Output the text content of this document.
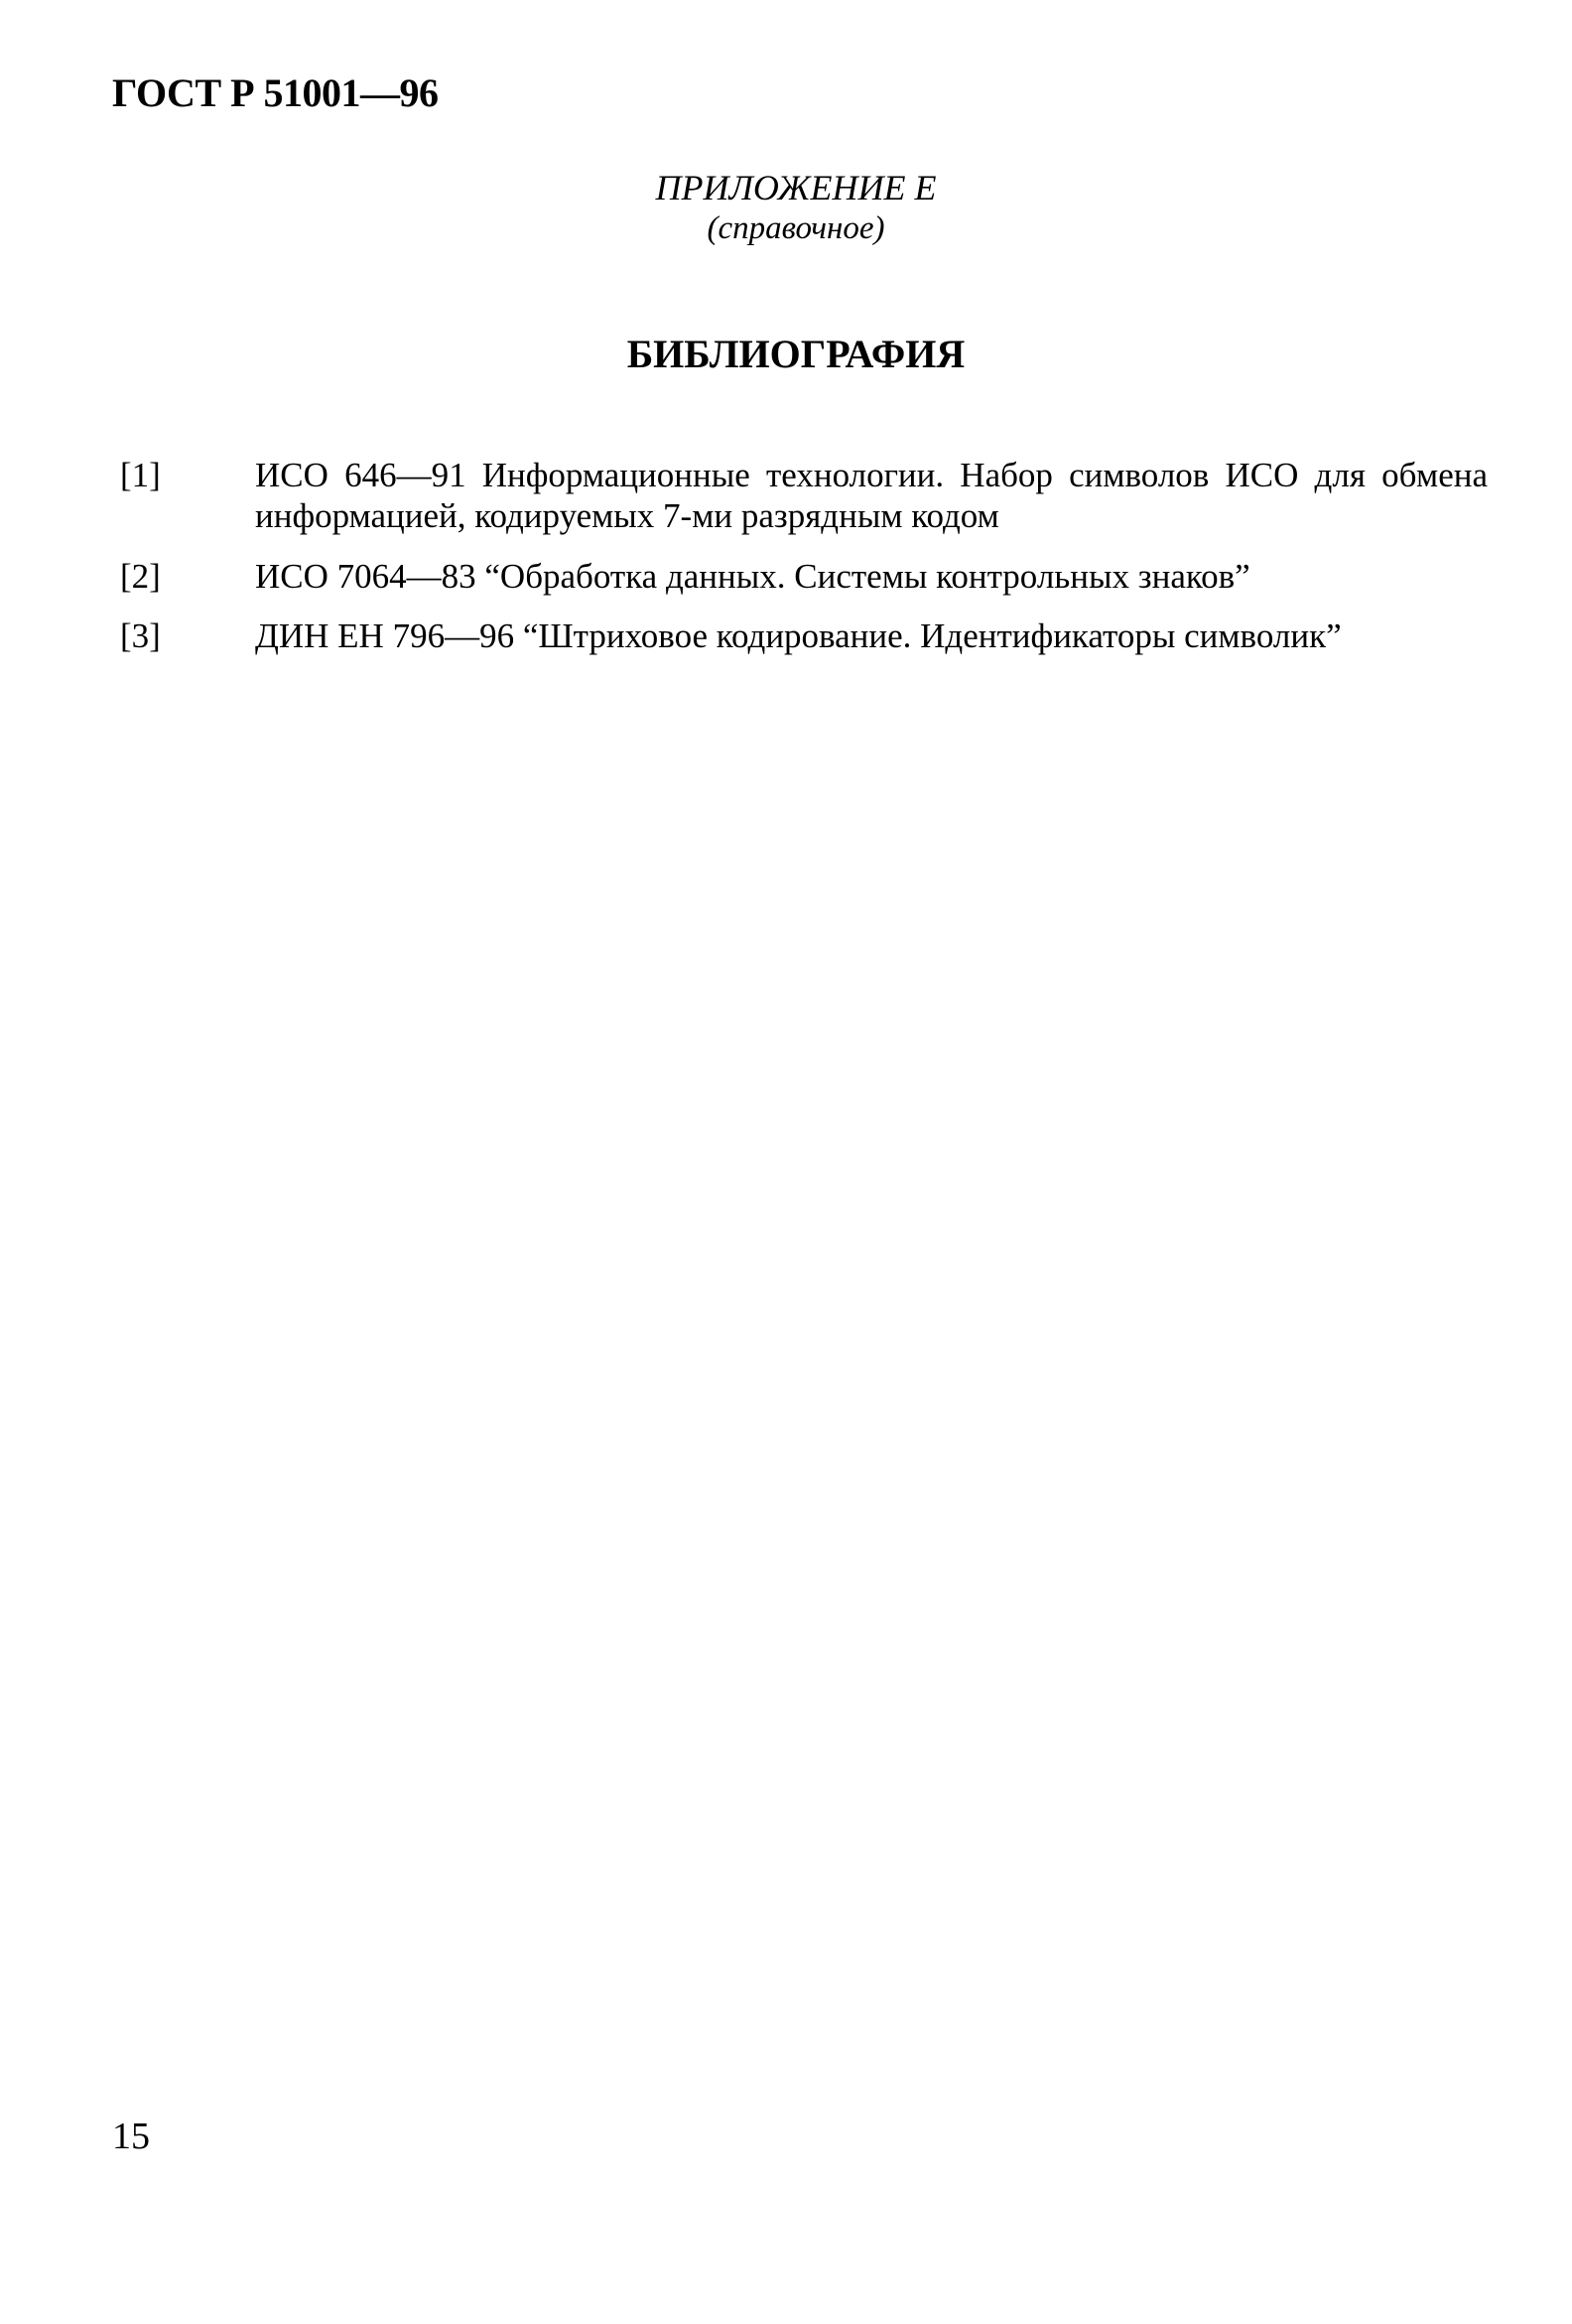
ГОСТ Р 51001—96
ПРИЛОЖЕНИЕ Е
(справочное)
БИБЛИОГРАФИЯ
[1]	ИСО 646—91 Информационные технологии. Набор символов ИСО для обмена информацией, кодируемых 7-ми разрядным кодом
[2]	ИСО 7064—83 “Обработка данных. Системы контрольных знаков”
[3]	ДИН ЕН 796—96 “Штриховое кодирование. Идентификаторы символик”
15
